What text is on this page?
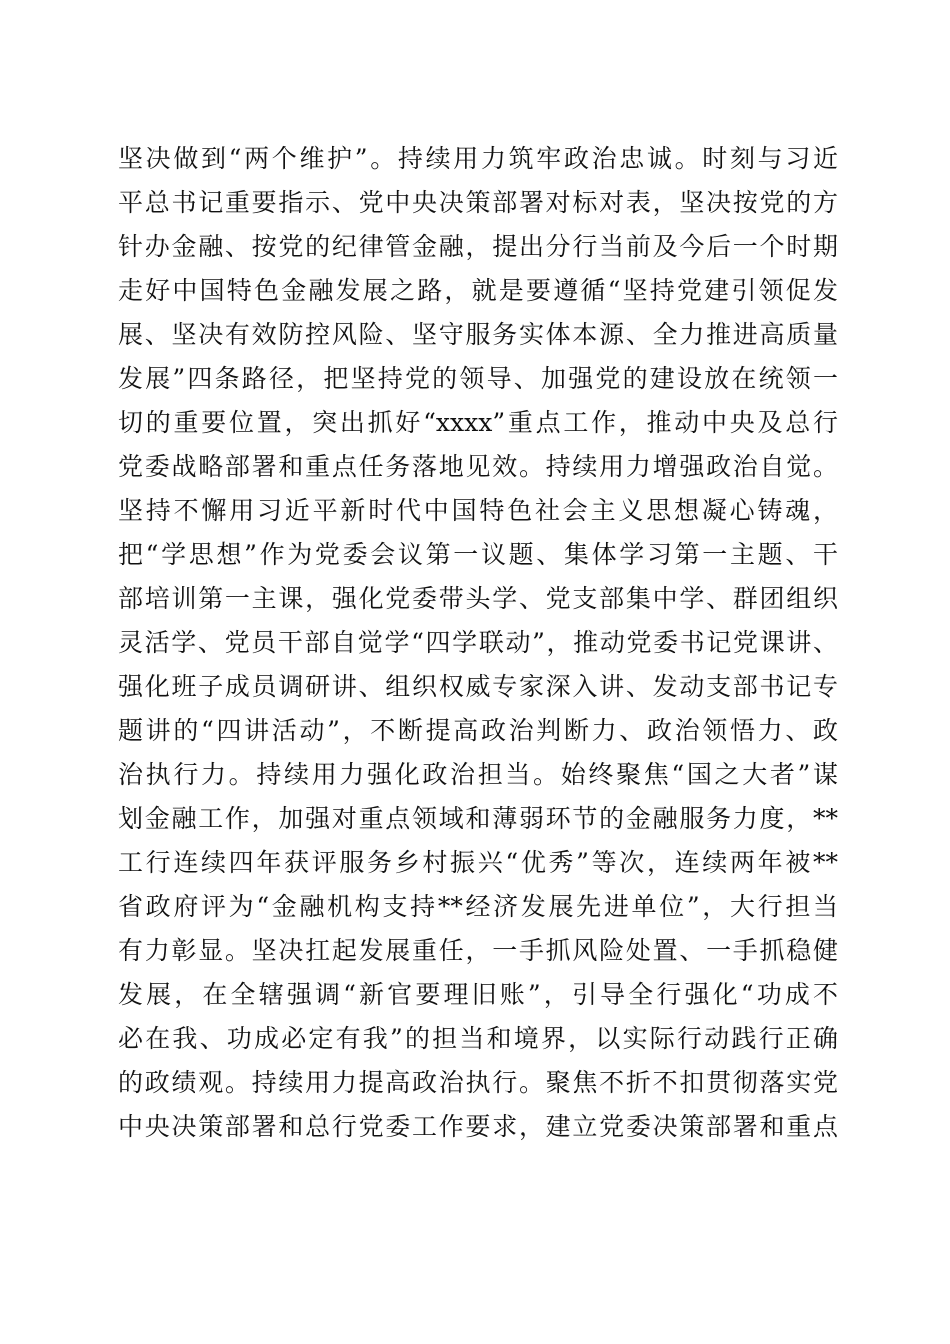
坚决做到“两个维护”。持续用力筑牢政治忠诚。时刻与习近
平总书记重要指示、党中央决策部署对标对表，坚决按党的方
针办金融、按党的纪律管金融，提出分行当前及今后一个时期
走好中国特色金融发展之路，就是要遵循“坚持党建引领促发
展、坚决有效防控风险、坚守服务实体本源、全力推进高质量
发展”四条路径，把坚持党的领导、加强党的建设放在统领一
切的重要位置，突出抓好“xxxx”重点工作，推动中央及总行
党委战略部署和重点任务落地见效。持续用力增强政治自觉。
坚持不懈用习近平新时代中国特色社会主义思想凝心铸魂，
把“学思想”作为党委会议第一议题、集体学习第一主题、干
部培训第一主课，强化党委带头学、党支部集中学、群团组织
灵活学、党员干部自觉学“四学联动”，推动党委书记党课讲、
强化班子成员调研讲、组织权威专家深入讲、发动支部书记专
题讲的“四讲活动”，不断提高政治判断力、政治领悟力、政
治执行力。持续用力强化政治担当。始终聚焦“国之大者”谋
划金融工作，加强对重点领域和薄弱环节的金融服务力度，**
工行连续四年获评服务乡村振兴“优秀”等次，连续两年被**
省政府评为“金融机构支持**经济发展先进单位”，大行担当
有力彰显。坚决扛起发展重任，一手抓风险处置、一手抓稳健
发展，在全辖强调“新官要理旧账”，引导全行强化“功成不
必在我、功成必定有我”的担当和境界，以实际行动践行正确
的政绩观。持续用力提高政治执行。聚焦不折不扣贯彻落实党
中央决策部署和总行党委工作要求，建立党委决策部署和重点
